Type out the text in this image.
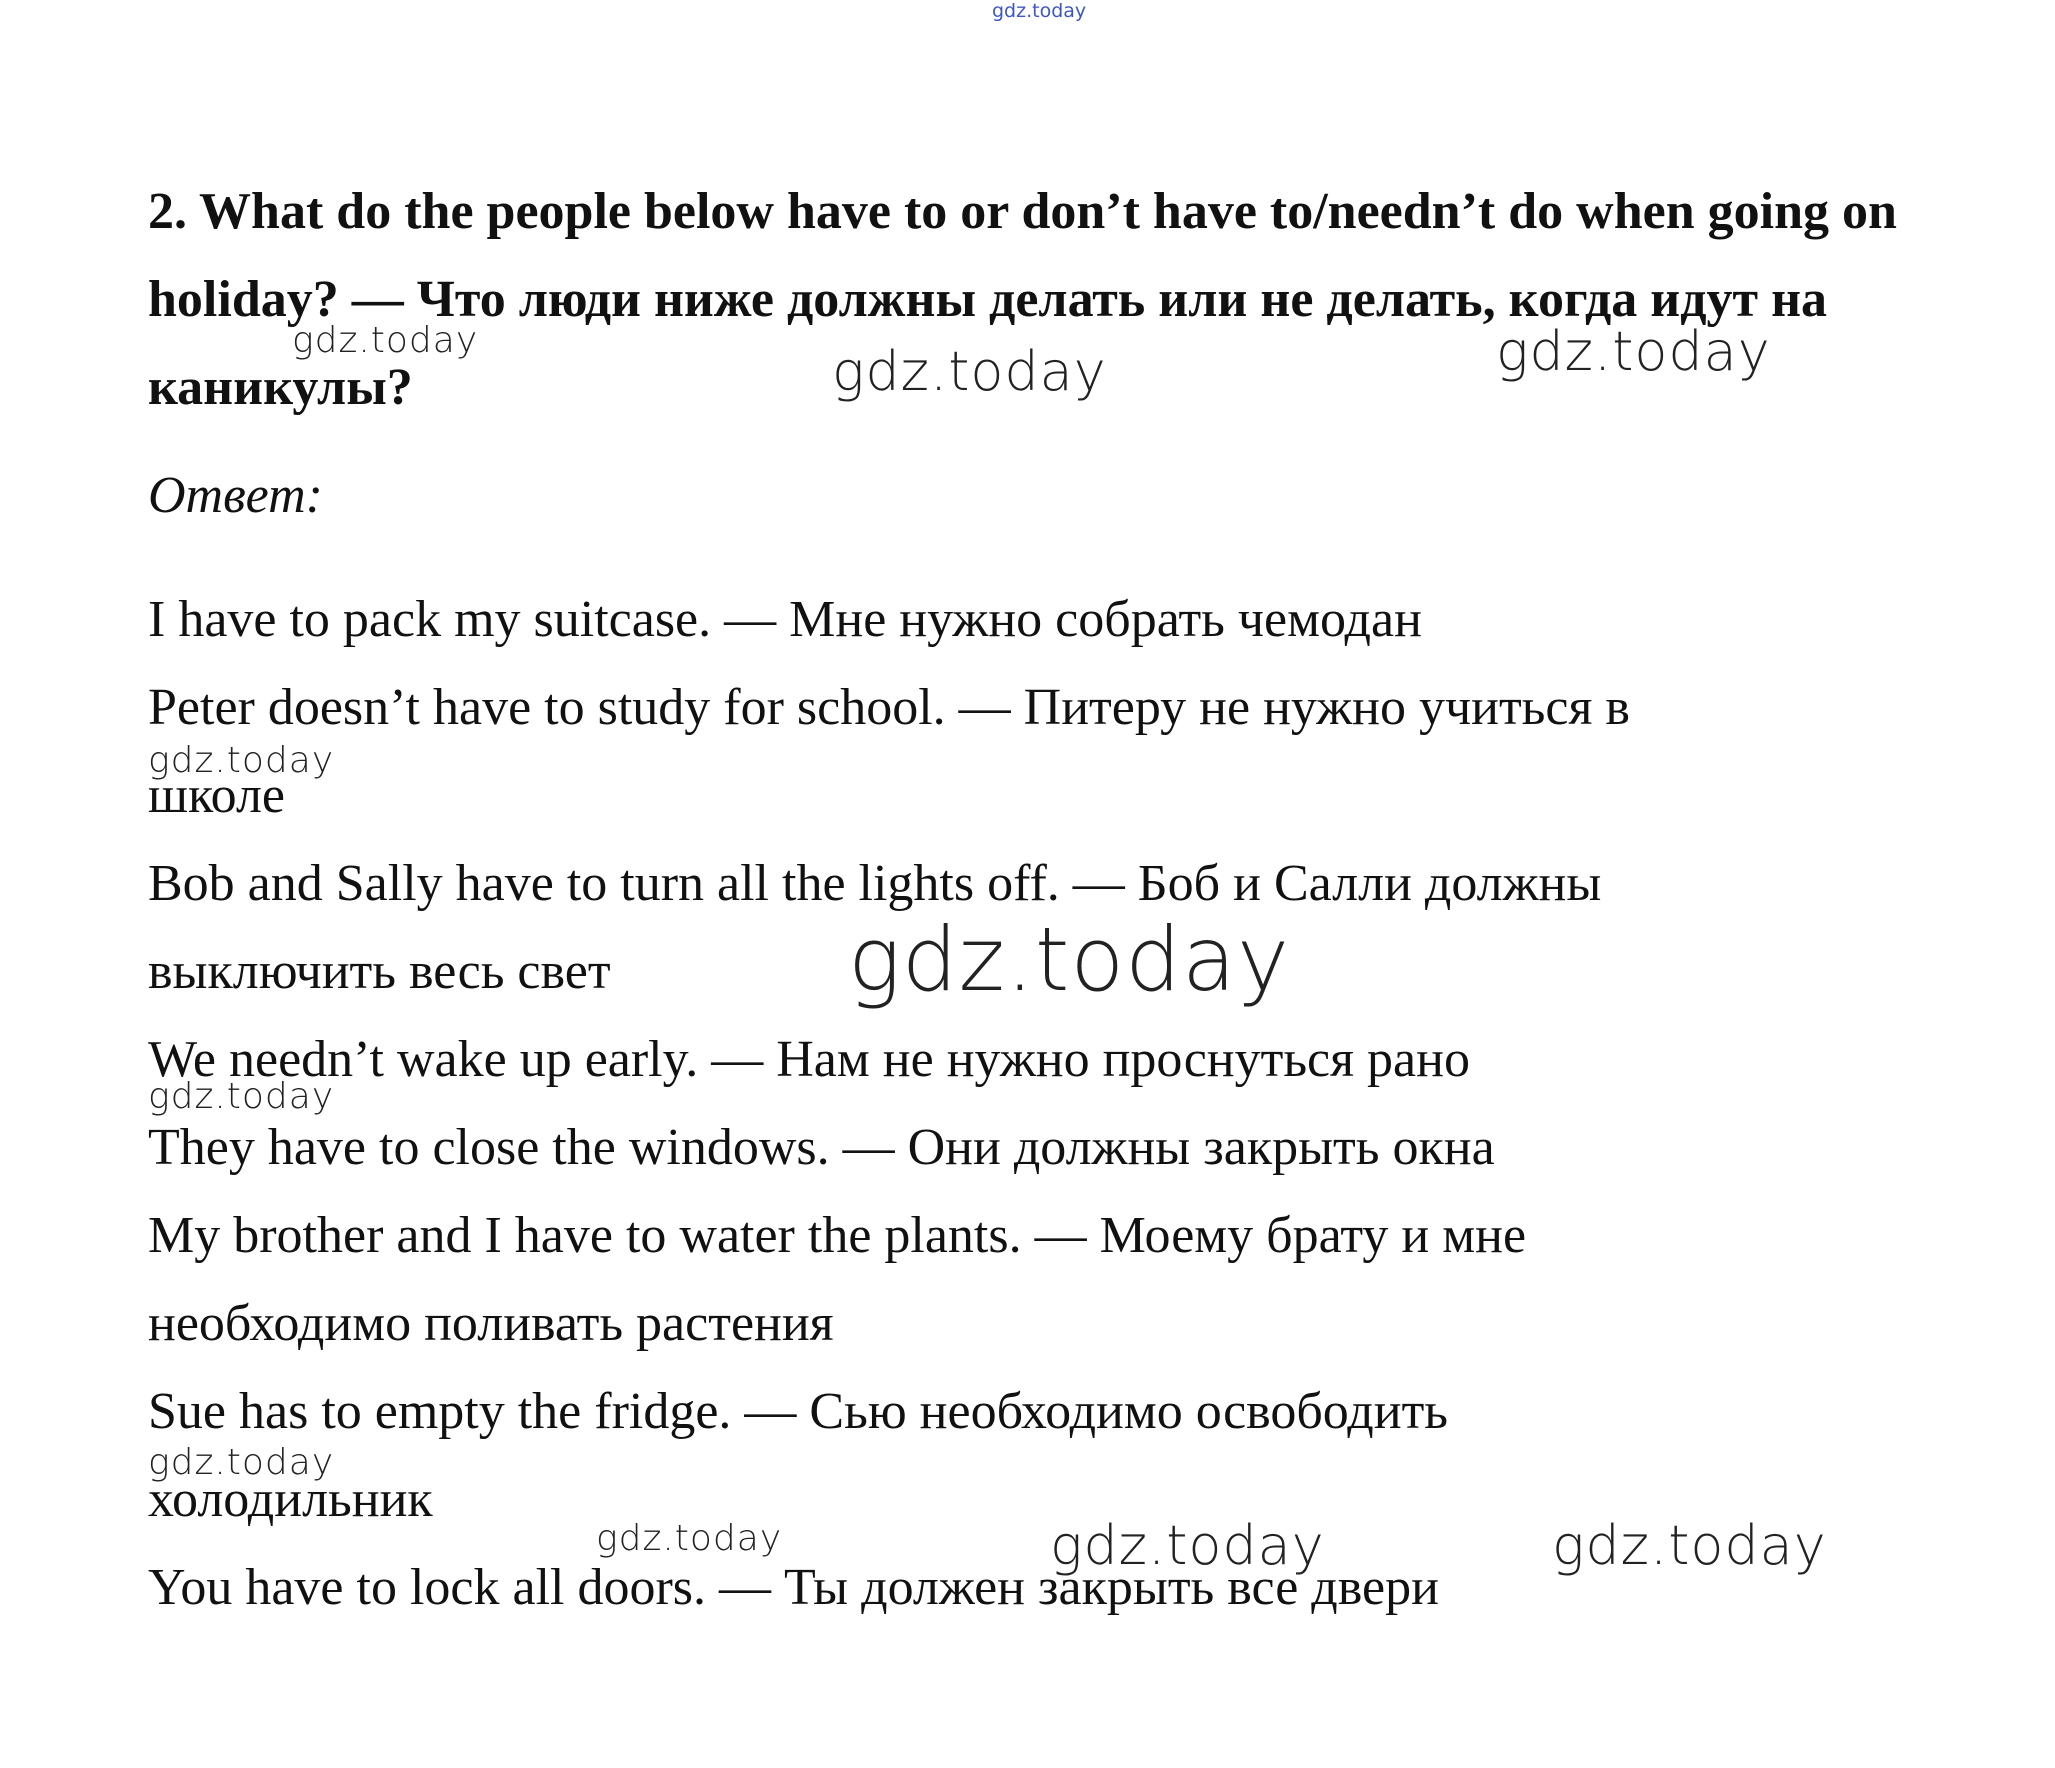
gdz.today
2. What do the people below have to or don’t have to/needn’t do when going on holiday? — Что люди ниже должны делать или не делать, когда идут на каникулы?
Ответ:
I have to pack my suitcase. — Мне нужно собрать чемодан
Peter doesn’t have to study for school. — Питеру не нужно учиться в
школе
Bob and Sally have to turn all the lights off. — Боб и Салли должны
выключить весь свет
We needn’t wake up early. — Нам не нужно проснуться рано
They have to close the windows. — Они должны закрыть окна
My brother and I have to water the plants. — Моему брату и мне
необходимо поливать растения
Sue has to empty the fridge. — Сью необходимо освободить
холодильник
You have to lock all doors. — Ты должен закрыть все двери
gdz.today	gdz.today	gdz.today
gdz.today
gdz.today
gdz.today
gdz.today
gdz.today	gdz.today	gdz.today
